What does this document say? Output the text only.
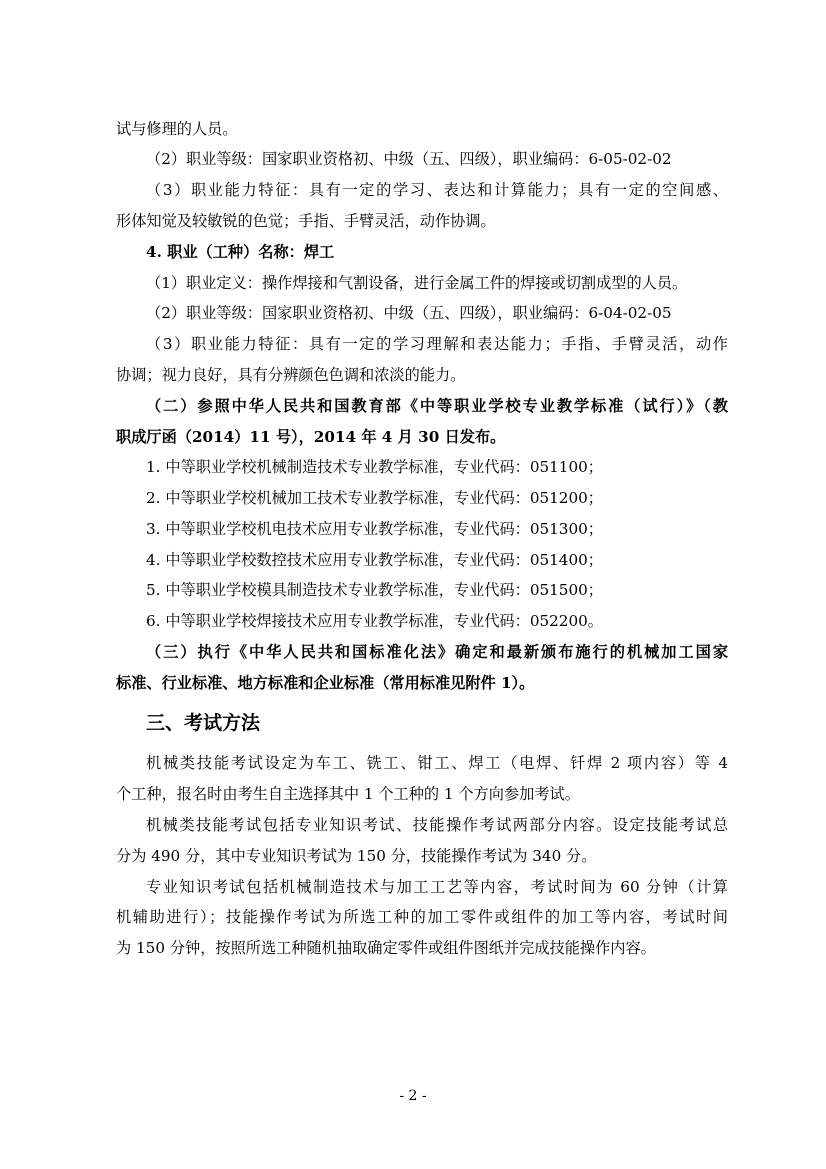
试与修理的人员。
（2）职业等级：国家职业资格初、中级（五、四级），职业编码：6-05-02-02
（3）职业能力特征：具有一定的学习、表达和计算能力；具有一定的空间感、
形体知觉及较敏锐的色觉；手指、手臂灵活，动作协调。
4. 职业（工种）名称：焊工
（1）职业定义：操作焊接和气割设备，进行金属工件的焊接或切割成型的人员。
（2）职业等级：国家职业资格初、中级（五、四级），职业编码：6-04-02-05
（3）职业能力特征：具有一定的学习理解和表达能力；手指、手臂灵活，动作
协调；视力良好，具有分辨颜色色调和浓淡的能力。
（二）参照中华人民共和国教育部《中等职业学校专业教学标准（试行）》（教
职成厅函（2014）11 号），2014 年 4 月 30 日发布。
1. 中等职业学校机械制造技术专业教学标准，专业代码：051100；
2. 中等职业学校机械加工技术专业教学标准，专业代码：051200；
3. 中等职业学校机电技术应用专业教学标准，专业代码：051300；
4. 中等职业学校数控技术应用专业教学标准，专业代码：051400；
5. 中等职业学校模具制造技术专业教学标准，专业代码：051500；
6. 中等职业学校焊接技术应用专业教学标准，专业代码：052200。
（三）执行《中华人民共和国标准化法》确定和最新颁布施行的机械加工国家
标准、行业标准、地方标准和企业标准（常用标准见附件 1）。
三、考试方法
机械类技能考试设定为车工、铣工、钳工、焊工（电焊、钎焊 2 项内容）等 4
个工种，报名时由考生自主选择其中 1 个工种的 1 个方向参加考试。
机械类技能考试包括专业知识考试、技能操作考试两部分内容。设定技能考试总
分为 490 分，其中专业知识考试为 150 分，技能操作考试为 340 分。
专业知识考试包括机械制造技术与加工工艺等内容，考试时间为 60 分钟（计算
机辅助进行）；技能操作考试为所选工种的加工零件或组件的加工等内容，考试时间
为 150 分钟，按照所选工种随机抽取确定零件或组件图纸并完成技能操作内容。
- 2 -
